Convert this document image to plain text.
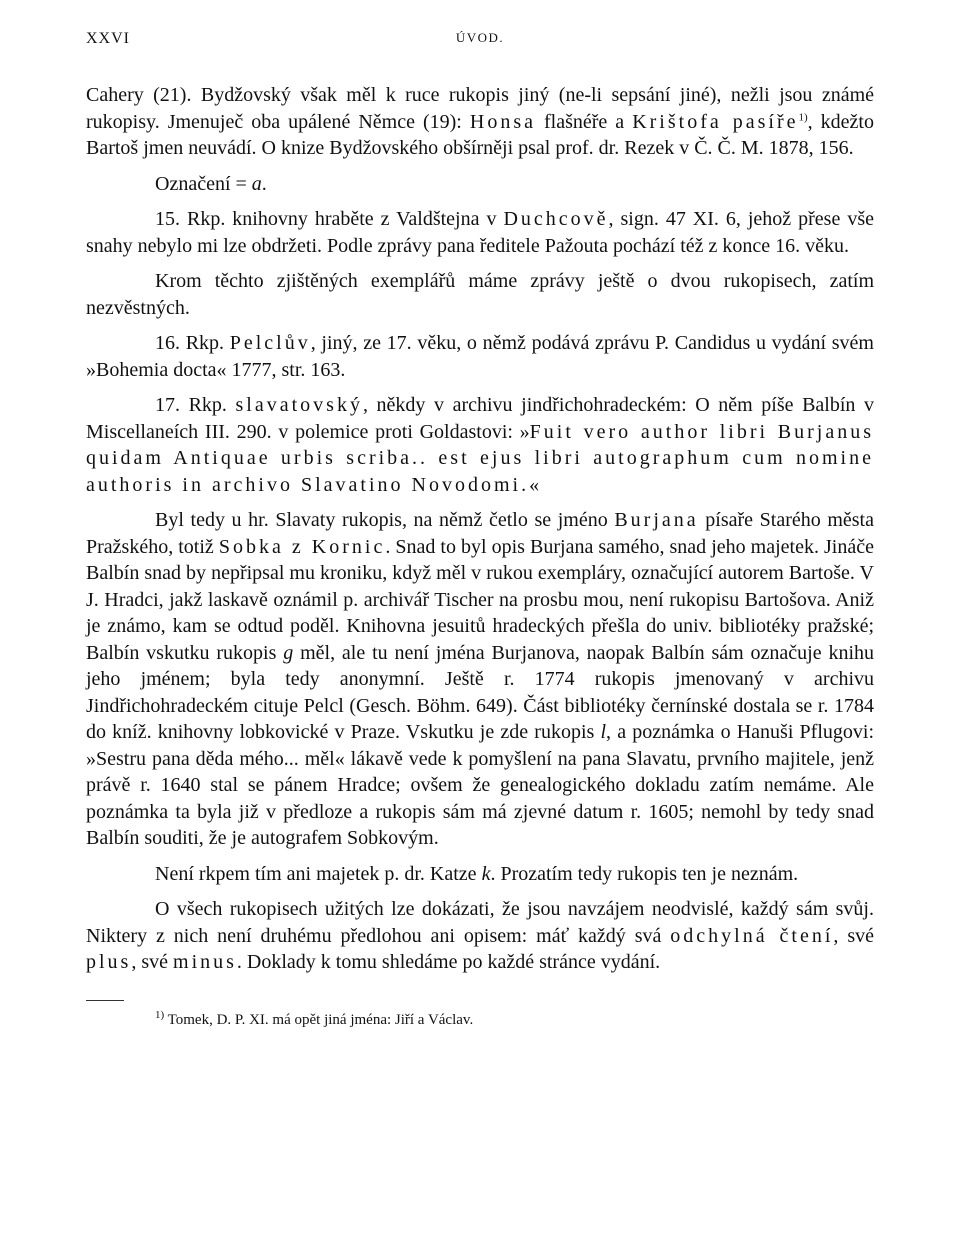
XXVI	ÚVOD.

Cahery (21). Bydžovský však měl k ruce rukopis jiný (ne-li sepsání jiné), nežli jsou známé rukopisy. Jmenuječ oba upálené Němce (19): Honsa flašnéře a Krištofa pasíře$^{1)}$, kdežto Bartoš jmen neuvádí. O knize Bydžovského obšírněji psal prof. dr. Rezek v Č. Č. M. 1878, 156.

Označení = a.

15. Rkp. knihovny hraběte z Valdštejna v Duchcově, sign. 47 XI. 6, jehož přese vše snahy nebylo mi lze obdržeti. Podle zprávy pana ředitele Pažouta pochází též z konce 16. věku.

Krom těchto zjištěných exemplářů máme zprávy ještě o dvou rukopisech, zatím nezvěstných.

16. Rkp. Pelclův, jiný, ze 17. věku, o němž podává zprávu P. Candidus u vydání svém »Bohemia docta« 1777, str. 163.

17. Rkp. slavatovský, někdy v archivu jindřichohradeckém: O něm píše Balbín v Miscellaneích III. 290. v polemice proti Goldastovi: »Fuit vero author libri Burjanus quidam Antiquae urbis scriba.. est ejus libri autographum cum nomine authoris in archivo Slavatino Novodomi.«

Byl tedy u hr. Slavaty rukopis, na němž četlo se jméno Burjana písaře Starého města Pražského, totiž Sobka z Kornic. Snad to byl opis Burjana samého, snad jeho majetek. Jináče Balbín snad by nepřipsal mu kroniku, když měl v rukou exempláry, označující autorem Bartoše. V J. Hradci, jakž laskavě oznámil p. archivář Tischer na prosbu mou, není rukopisu Bartošova. Aniž je známo, kam se odtud poděl. Knihovna jesuitů hradeckých přešla do univ. bibliotéky pražské; Balbín vskutku rukopis g měl, ale tu není jména Burjanova, naopak Balbín sám označuje knihu jeho jménem; byla tedy anonymní. Ještě r. 1774 rukopis jmenovaný v archivu Jindřichohradeckém cituje Pelcl (Gesch. Böhm. 649). Část bibliotéky černínské dostala se r. 1784 do kníž. knihovny lobkovické v Praze. Vskutku je zde rukopis l, a poznámka o Hanuši Pflugovi: »Sestru pana děda mého... měl« lákavě vede k pomyšlení na pana Slavatu, prvního majitele, jenž právě r. 1640 stal se pánem Hradce; ovšem že genealogického dokladu zatím nemáme. Ale poznámka ta byla již v předloze a rukopis sám má zjevné datum r. 1605; nemohl by tedy snad Balbín souditi, že je autografem Sobkovým.

Není rkpem tím ani majetek p. dr. Katze k. Prozatím tedy rukopis ten je neznám.

O všech rukopisech užitých lze dokázati, že jsou navzájem neodvislé, každý sám svůj. Niktery z nich není druhému předlohou ani opisem: máť každý svá odchylná čtení, své plus, své minus. Doklady k tomu shledáme po každé stránce vydání.

$^{1)}$ Tomek, D. P. XI. má opět jiná jména: Jiří a Václav.
